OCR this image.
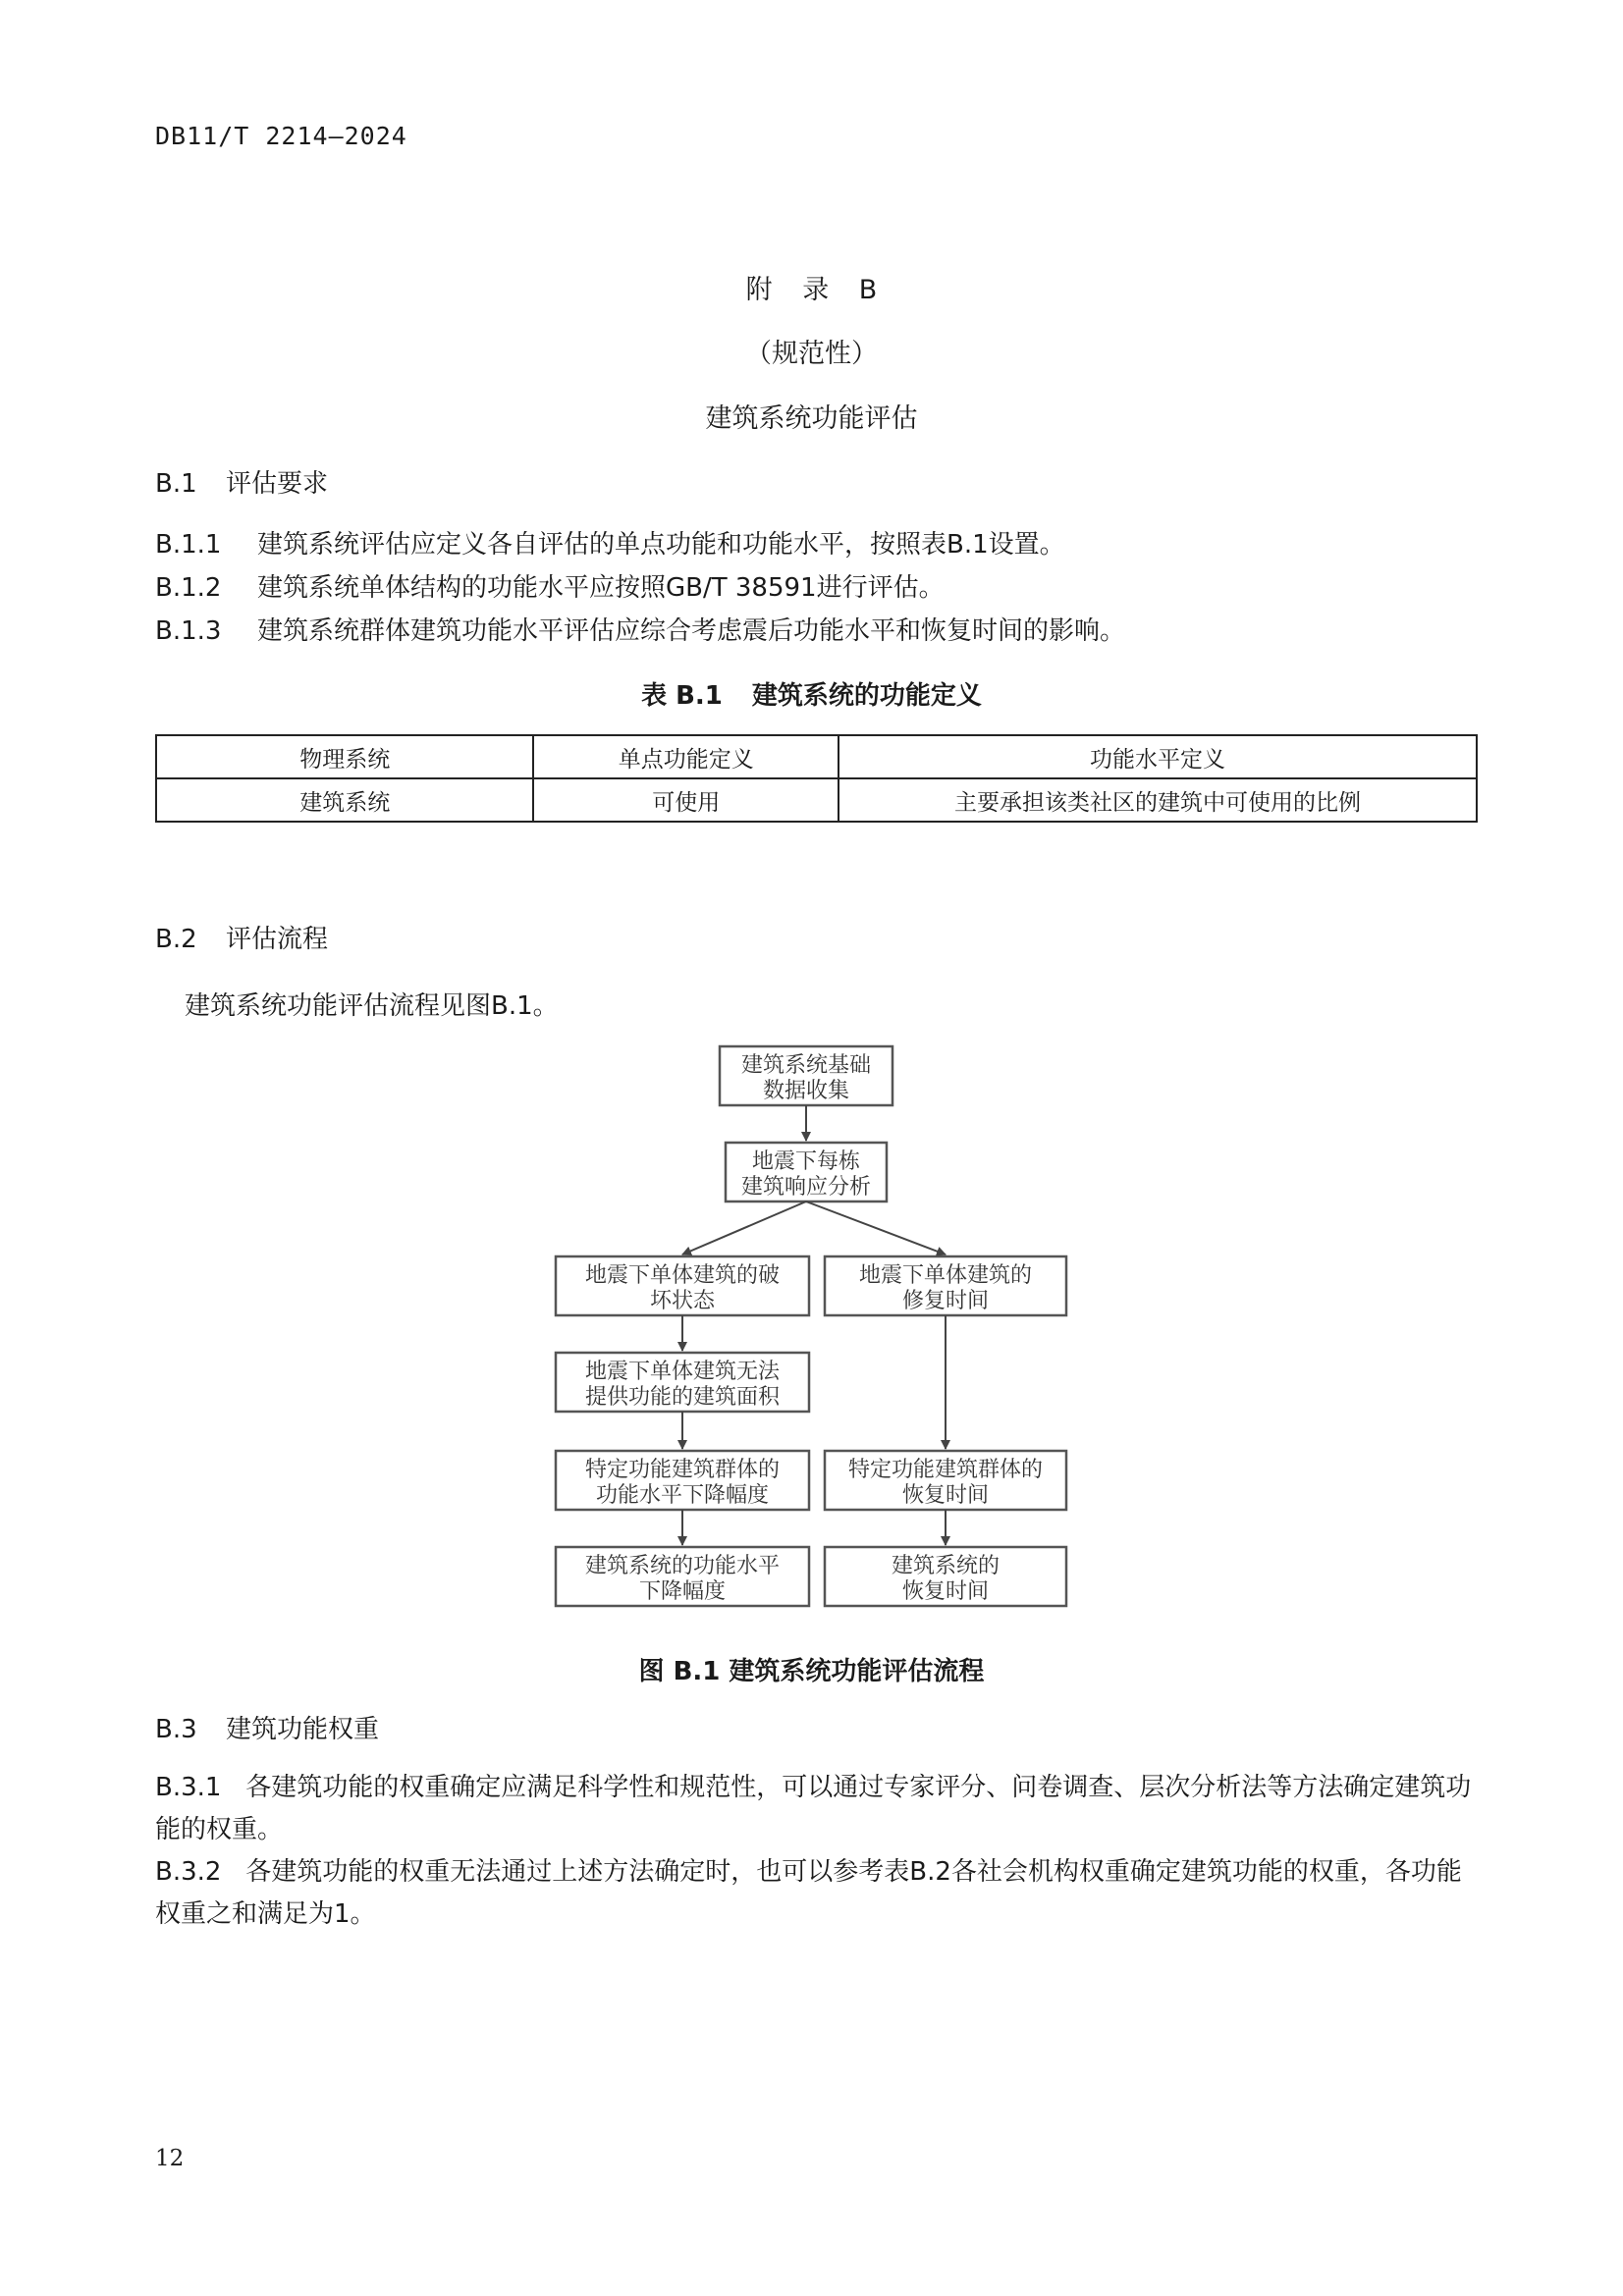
DB11/T 2214—2024
附 录 B
（规范性）
建筑系统功能评估
B.1 评估要求
B.1.1 建筑系统评估应定义各自评估的单点功能和功能水平，按照表B.1设置。
B.1.2 建筑系统单体结构的功能水平应按照GB/T 38591进行评估。
B.1.3 建筑系统群体建筑功能水平评估应综合考虑震后功能水平和恢复时间的影响。
表 B.1 建筑系统的功能定义
物理系统	单点功能定义	功能水平定义
建筑系统	可使用	主要承担该类社区的建筑中可使用的比例
B.2 评估流程
建筑系统功能评估流程见图B.1。
建筑系统基础
数据收集
地震下每栋
建筑响应分析
地震下单体建筑的破
坏状态
地震下单体建筑无法
提供功能的建筑面积
特定功能建筑群体的
功能水平下降幅度
建筑系统的功能水平
下降幅度
地震下单体建筑的
修复时间
特定功能建筑群体的
恢复时间
建筑系统的
恢复时间
图 B.1 建筑系统功能评估流程
B.3 建筑功能权重
B.3.1 各建筑功能的权重确定应满足科学性和规范性，可以通过专家评分、问卷调查、层次分析法等方法确定建筑功能的权重。
B.3.2 各建筑功能的权重无法通过上述方法确定时，也可以参考表B.2各社会机构权重确定建筑功能的权重，各功能权重之和满足为1。
12
